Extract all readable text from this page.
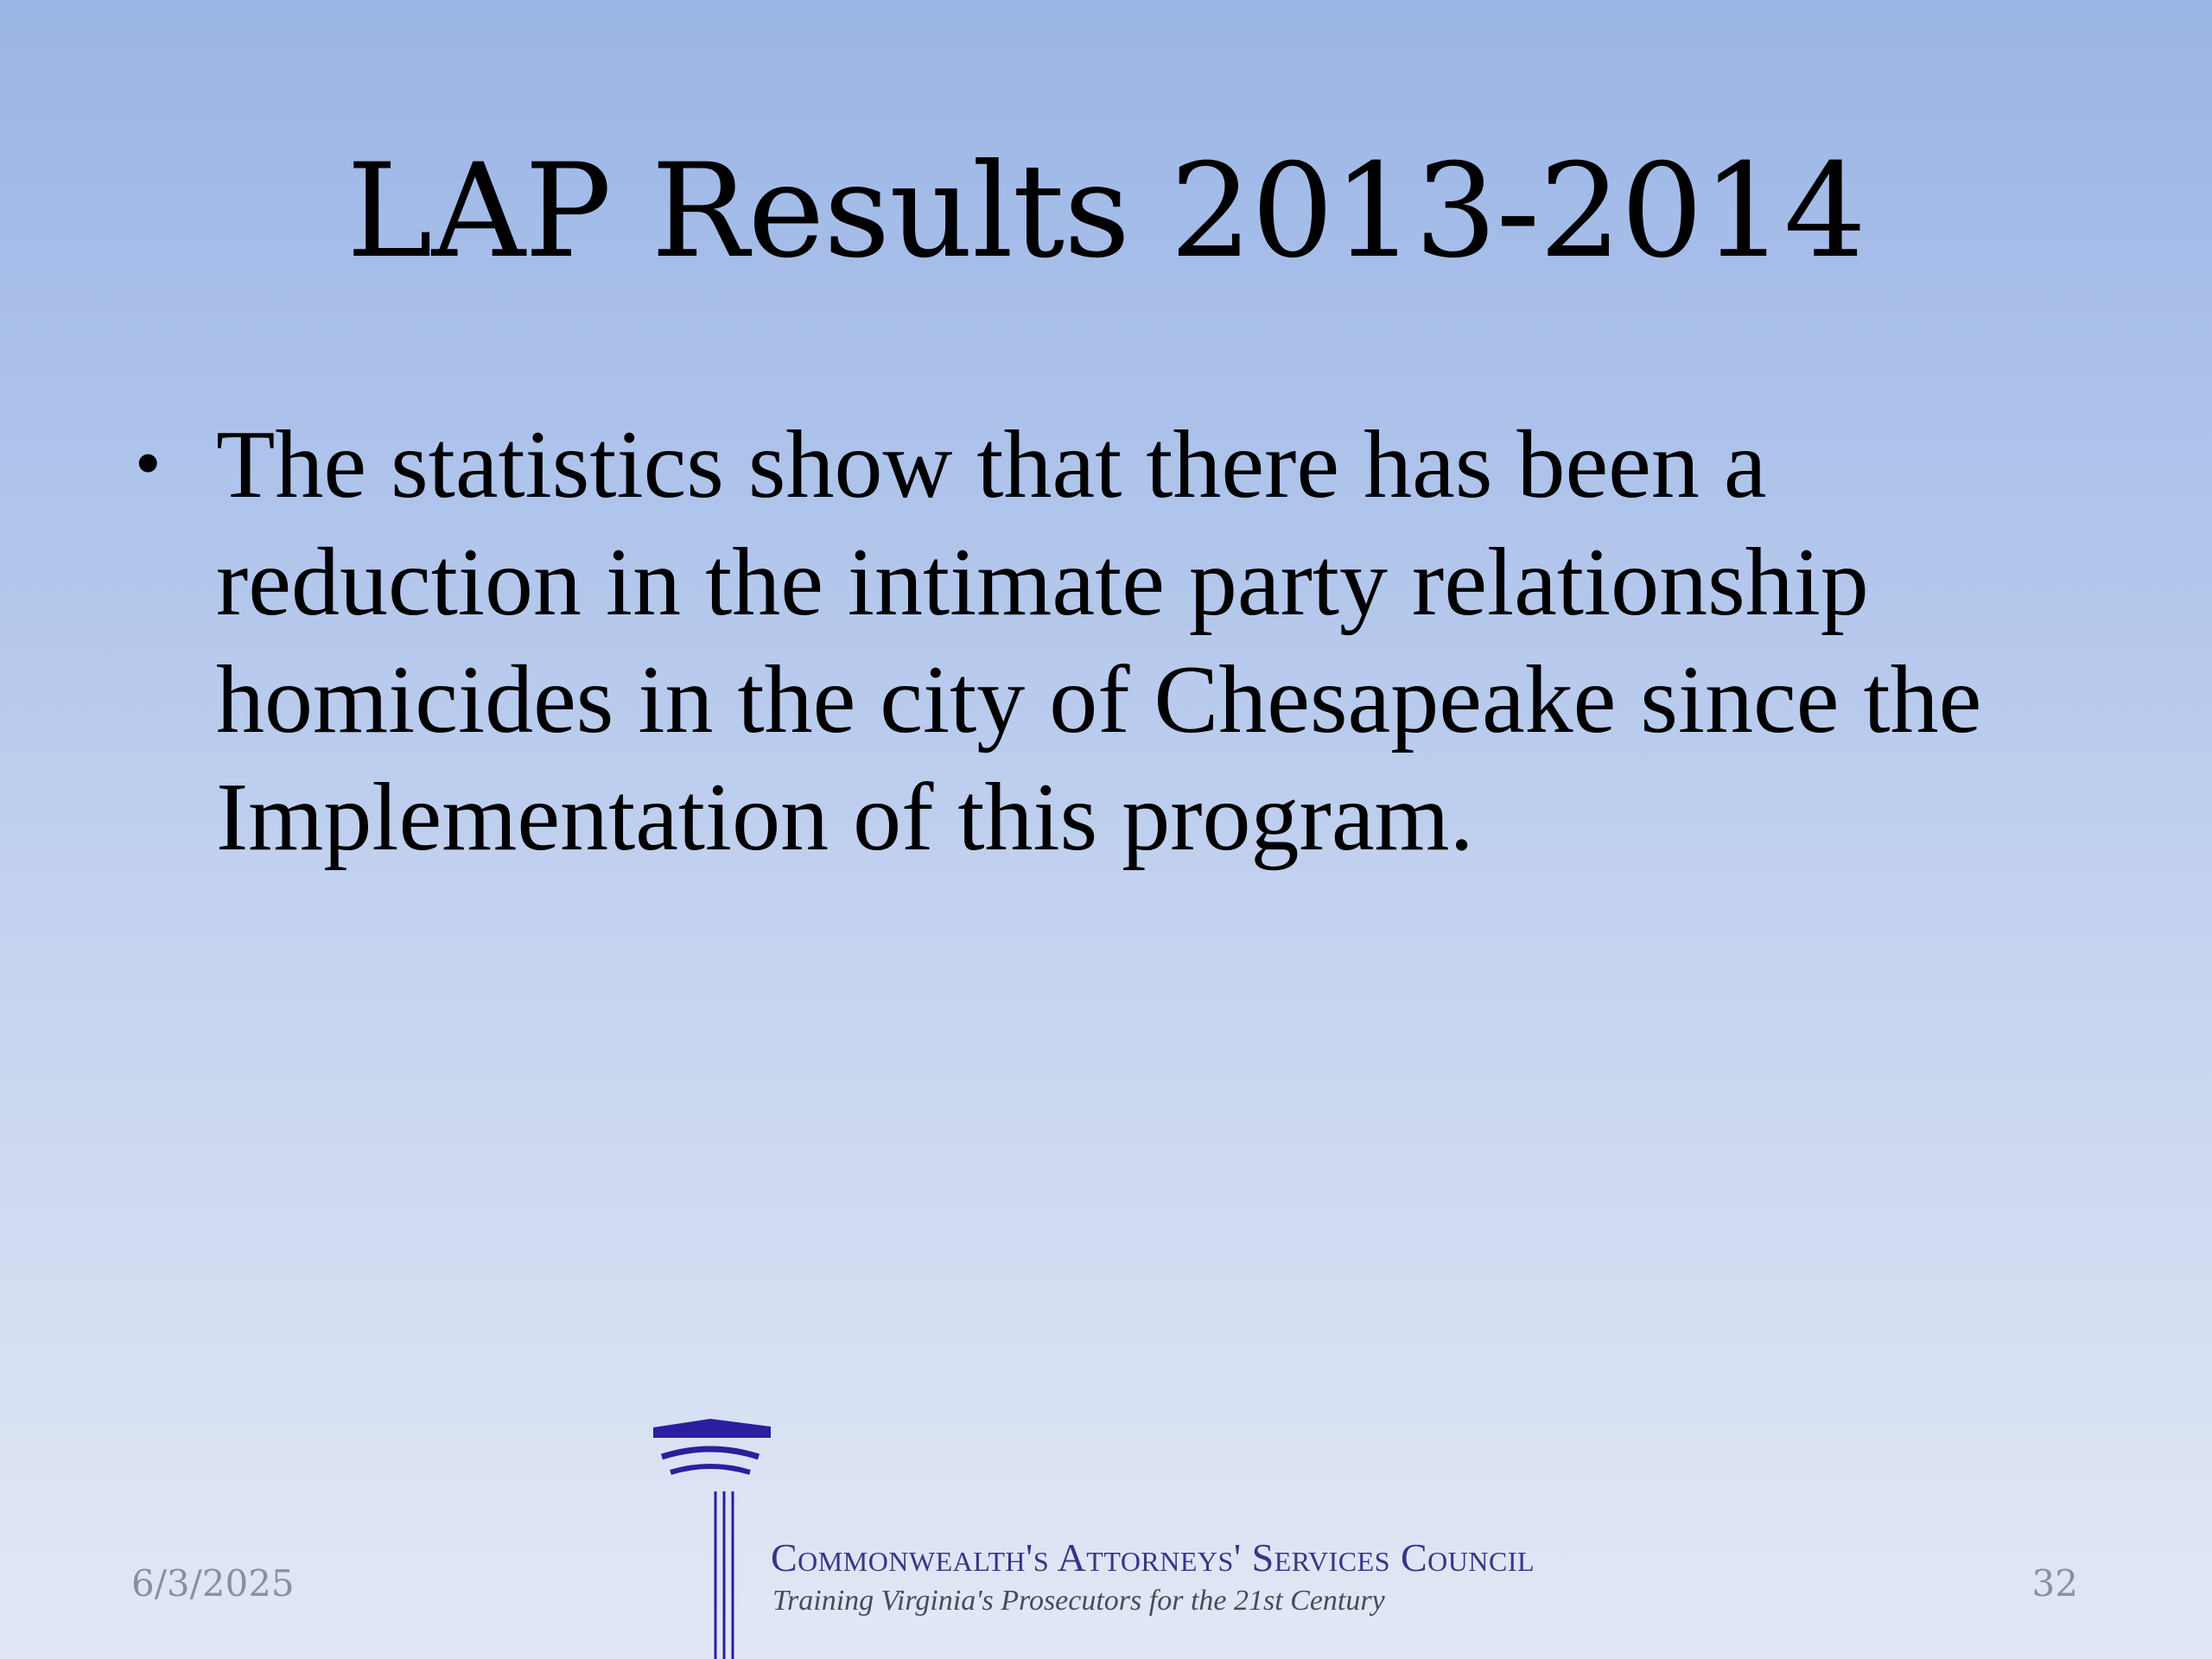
LAP Results 2013-2014
• The statistics show that there has been a reduction in the intimate party relationship homicides in the city of Chesapeake since the Implementation of this program.
Commonwealth's Attorneys' Services Council
Training Virginia's Prosecutors for the 21st Century
6/3/2025	32
